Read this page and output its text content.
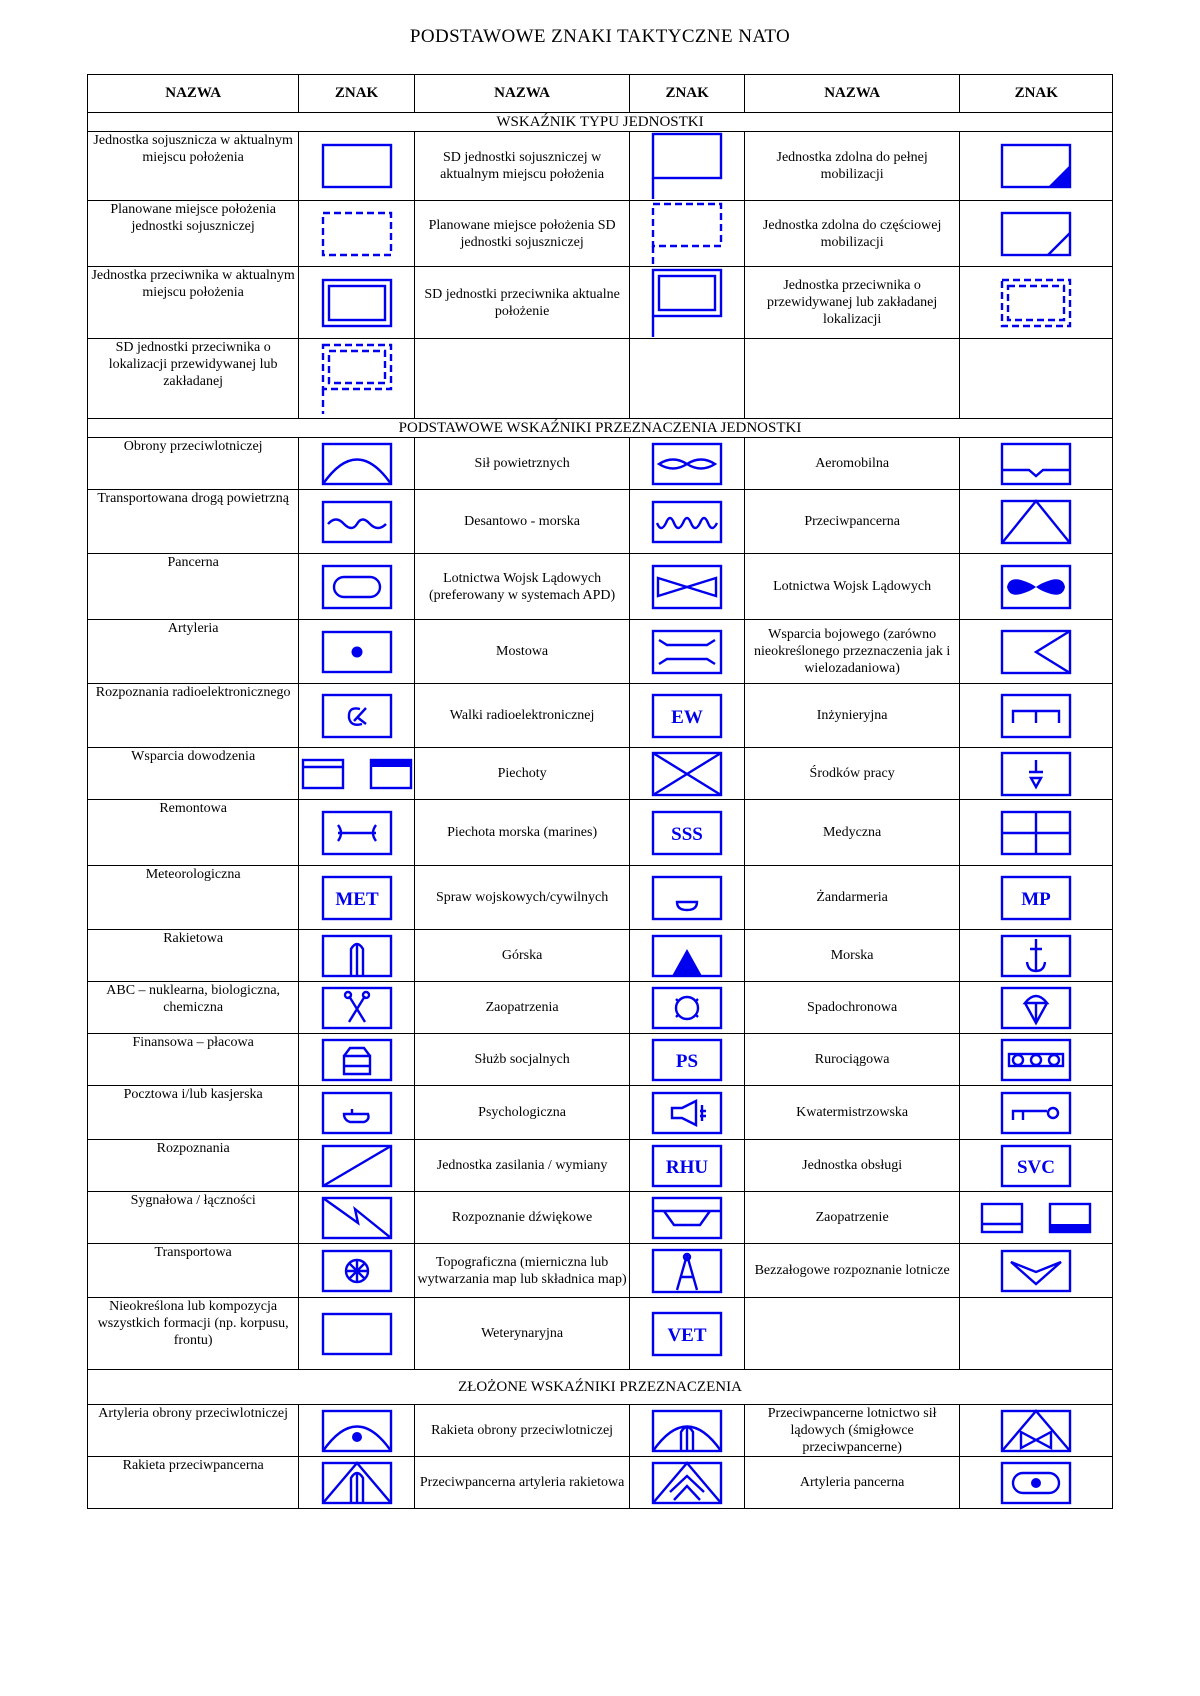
PODSTAWOWE ZNAKI TAKTYCZNE NATO
NAZWA	ZNAK	NAZWA	ZNAK	NAZWA	ZNAK
WSKAŹNIK TYPU JEDNOSTKI					
Jednostka sojusznicza w aktualnym miejscu położenia		SD jednostki sojuszniczej w aktualnym miejscu położenia		Jednostka zdolna do pełnej mobilizacji	

Planowane miejsce położenia jednostki sojuszniczej		Planowane miejsce położenia SD jednostki sojuszniczej		Jednostka zdolna do częściowej mobilizacji	

Jednostka przeciwnika w aktualnym miejscu położenia		SD jednostki przeciwnika aktualne położenie		Jednostka przeciwnika o przewidywanej lub zakładanej lokalizacji	

SD jednostki przeciwnika o lokalizacji przewidywanej lub zakładanej	

PODSTAWOWE WSKAŹNIKI PRZEZNACZENIA JEDNOSTKI					
Obrony przeciwlotniczej		Sił powietrznych		Aeromobilna	

Transportowana drogą powietrzną		Desantowo - morska		Przeciwpancerna	

Pancerna		Lotnictwa Wojsk Lądowych (preferowany w systemach APD)		Lotnictwa Wojsk Lądowych	

Artyleria		Mostowa		Wsparcia bojowego (zarówno nieokreślonego przeznaczenia jak i wielozadaniowa)	

Rozpoznania radioelektronicznego		Walki radioelektronicznej	EW	Inżynieryjna	

Wsparcia dowodzenia		Piechoty		Środków pracy	

Remontowa		Piechota morska (marines)	SSS	Medyczna	

Meteorologiczna	MET	Spraw wojskowych/cywilnych		Żandarmeria	MP

Rakietowa		Górska		Morska	

ABC – nuklearna, biologiczna, chemiczna		Zaopatrzenia		Spadochronowa	

Finansowa – płacowa		Służb socjalnych	PS	Rurociągowa	

Pocztowa i/lub kasjerska		Psychologiczna		Kwatermistrzowska	

Rozpoznania		Jednostka zasilania / wymiany	RHU	Jednostka obsługi	SVC

Sygnałowa / łączności		Rozpoznanie dźwiękowe		Zaopatrzenie	

Transportowa		Topograficzna (mierniczna lub wytwarzania map lub składnica map)		Bezzałogowe rozpoznanie lotnicze	

Nieokreślona lub kompozycja wszystkich formacji (np. korpusu, frontu)		Weterynaryjna	VET		

ZŁOŻONE WSKAŹNIKI PRZEZNACZENIA					
Artyleria obrony przeciwlotniczej		Rakieta obrony przeciwlotniczej		Przeciwpancerne lotnictwo sił lądowych (śmigłowce przeciwpancerne)	

Rakieta przeciwpancerna		Przeciwpancerna artyleria rakietowa		Artyleria pancerna	
